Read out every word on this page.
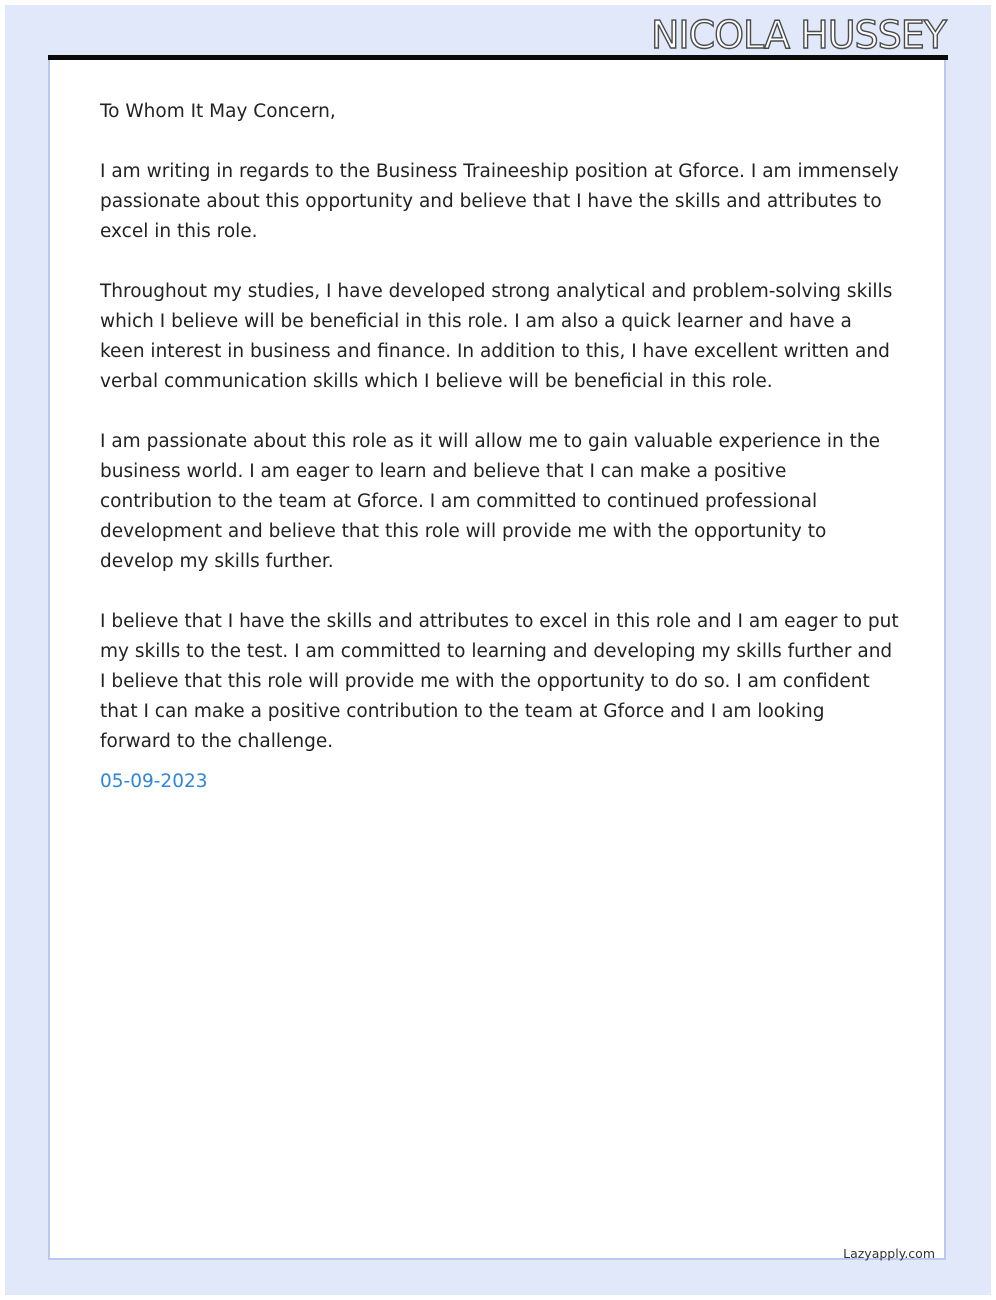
NICOLA HUSSEY

To Whom It May Concern,

I am writing in regards to the Business Traineeship position at Gforce. I am immensely passionate about this opportunity and believe that I have the skills and attributes to excel in this role.

Throughout my studies, I have developed strong analytical and problem-solving skills which I believe will be beneficial in this role. I am also a quick learner and have a keen interest in business and finance. In addition to this, I have excellent written and verbal communication skills which I believe will be beneficial in this role.

I am passionate about this role as it will allow me to gain valuable experience in the business world. I am eager to learn and believe that I can make a positive contribution to the team at Gforce. I am committed to continued professional development and believe that this role will provide me with the opportunity to develop my skills further.

I believe that I have the skills and attributes to excel in this role and I am eager to put my skills to the test. I am committed to learning and developing my skills further and I believe that this role will provide me with the opportunity to do so. I am confident that I can make a positive contribution to the team at Gforce and I am looking forward to the challenge.

05-09-2023

Lazyapply.com
